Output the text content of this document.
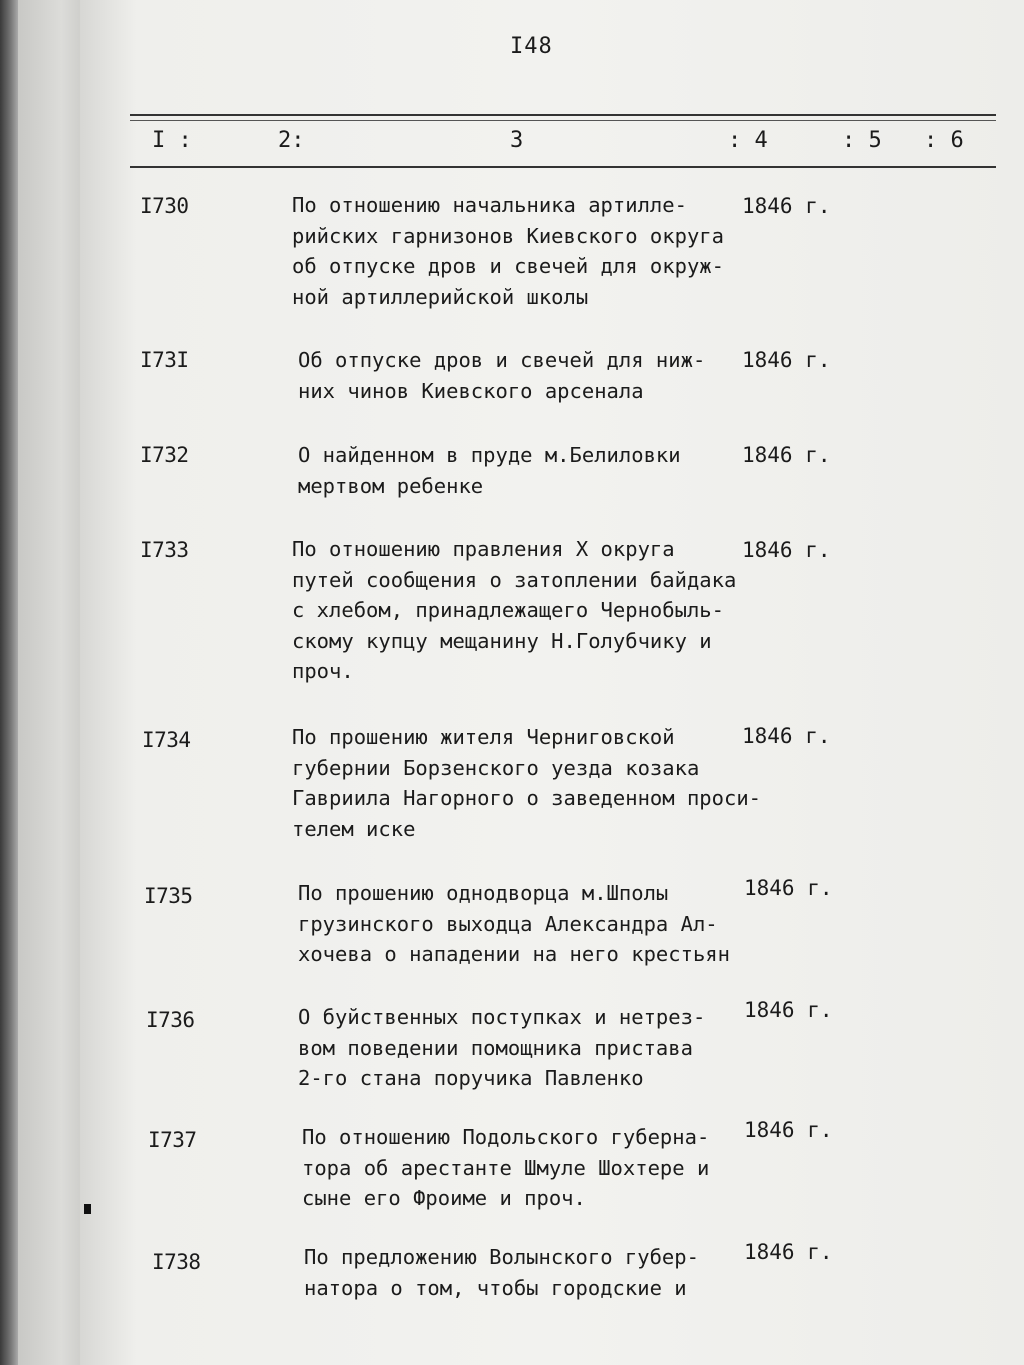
I48
I :	2:	3	: 4	: 5 : 6
I730	По отношению начальника артилле-
рийских гарнизонов Киевского округа
об отпуске дров и свечей для окруж-
ной артиллерийской школы
1846 г.
I73I	Об отпуске дров и свечей для ниж-
них чинов Киевского арсенала
1846 г.
I732	О найденном в пруде м.Белиловки
мертвом ребенке
1846 г.
I733	По отношению правления X округа
путей сообщения о затоплении байдака
с хлебом, принадлежащего Чернобыль-
скому купцу мещанину Н.Голубчику и
проч.
1846 г.
I734	По прошению жителя Черниговской
губернии Борзенского уезда козака
Гавриила Нагорного о заведенном проси-
телем иске
1846 г.
I735	По прошению однодворца м.Шполы
грузинского выходца Александра Ал-
хочева о нападении на него крестьян
1846 г.
I736	О буйственных поступках и нетрез-
вом поведении помощника пристава
2-го стана поручика Павленко
1846 г.
I737	По отношению Подольского губерна-
тора об арестанте Шмуле Шохтере и
сыне его Фроиме и проч.
1846 г.
I738	По предложению Волынского губер-
натора о том, чтобы городские и
1846 г.
